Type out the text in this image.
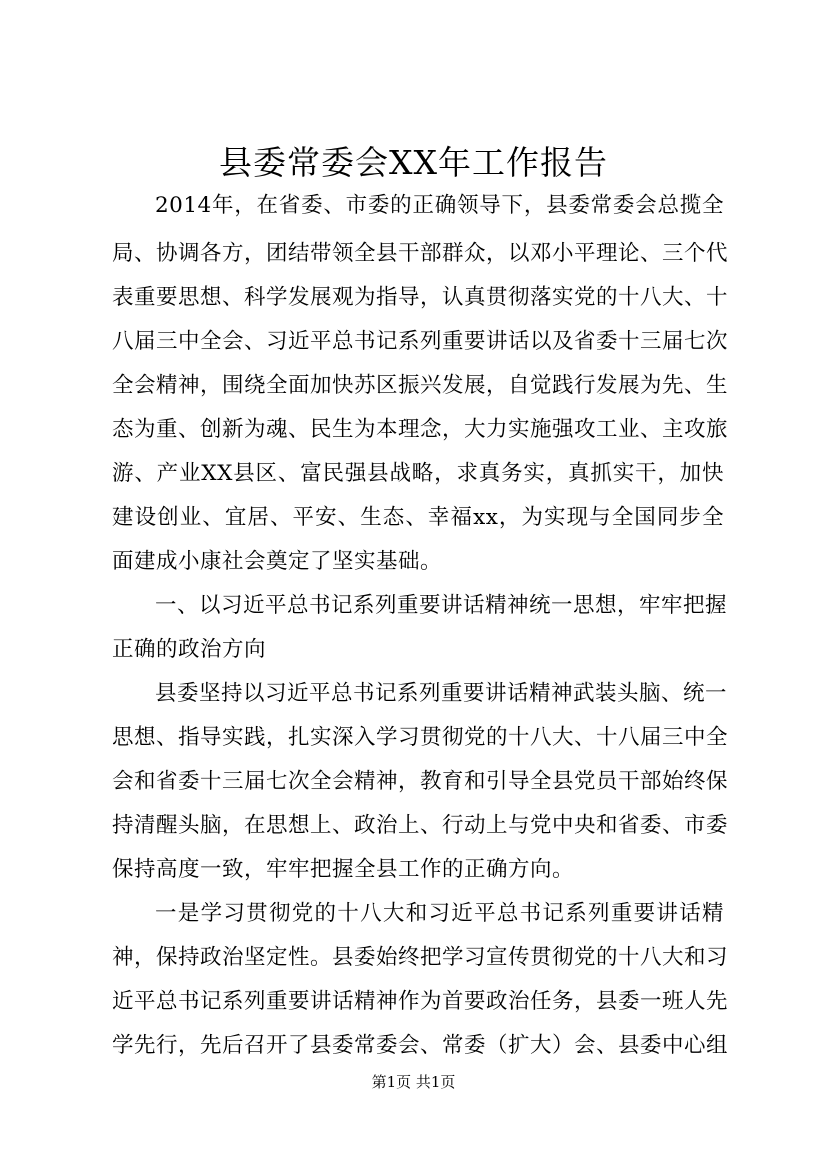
县委常委会XX年工作报告
2014年，在省委、市委的正确领导下，县委常委会总揽全
局、协调各方，团结带领全县干部群众，以邓小平理论、三个代
表重要思想、科学发展观为指导，认真贯彻落实党的十八大、十
八届三中全会、习近平总书记系列重要讲话以及省委十三届七次
全会精神，围绕全面加快苏区振兴发展，自觉践行发展为先、生
态为重、创新为魂、民生为本理念，大力实施强攻工业、主攻旅
游、产业XX县区、富民强县战略，求真务实，真抓实干，加快
建设创业、宜居、平安、生态、幸福xx，为实现与全国同步全
面建成小康社会奠定了坚实基础。
一、以习近平总书记系列重要讲话精神统一思想，牢牢把握
正确的政治方向
县委坚持以习近平总书记系列重要讲话精神武装头脑、统一
思想、指导实践，扎实深入学习贯彻党的十八大、十八届三中全
会和省委十三届七次全会精神，教育和引导全县党员干部始终保
持清醒头脑，在思想上、政治上、行动上与党中央和省委、市委
保持高度一致，牢牢把握全县工作的正确方向。
一是学习贯彻党的十八大和习近平总书记系列重要讲话精
神，保持政治坚定性。县委始终把学习宣传贯彻党的十八大和习
近平总书记系列重要讲话精神作为首要政治任务，县委一班人先
学先行，先后召开了县委常委会、常委（扩大）会、县委中心组
第1页 共1页
